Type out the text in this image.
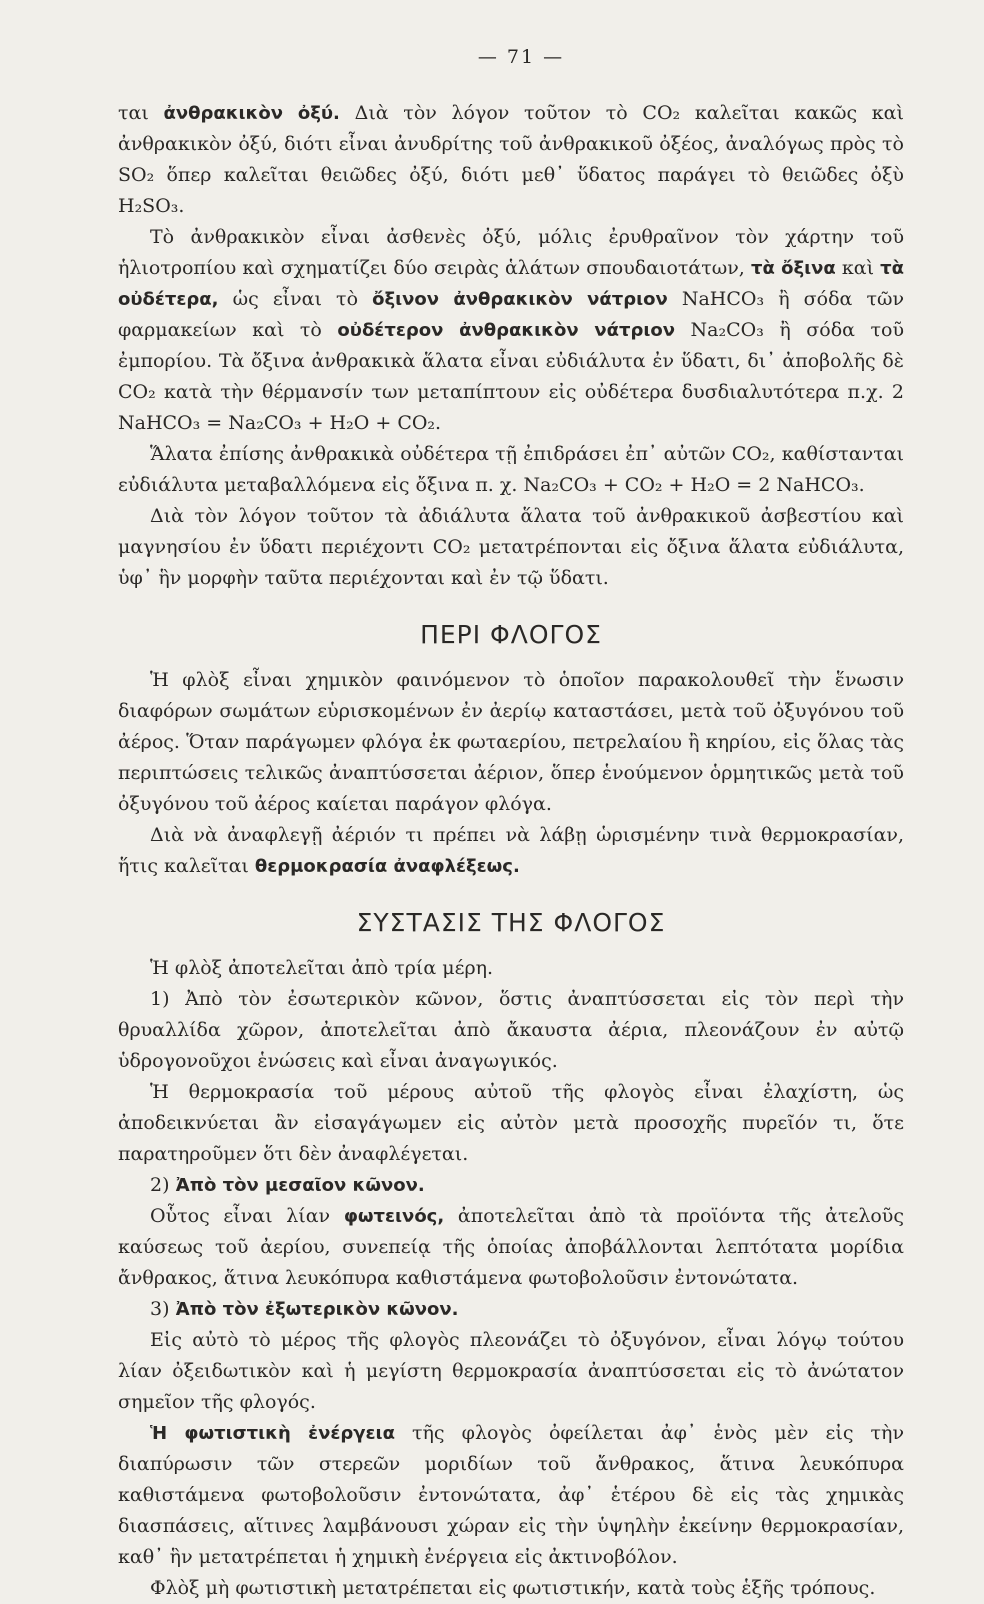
— 71 —

ται ἀνθρακικὸν ὀξύ. Διὰ τὸν λόγον τοῦτον τὸ CO₂ καλεῖται κακῶς καὶ ἀνθρακικὸν ὀξύ, διότι εἶναι ἀνυδρίτης τοῦ ἀνθρακικοῦ ὀξέος, ἀναλόγως πρὸς τὸ SO₂ ὅπερ καλεῖται θειῶδες ὀξύ, διότι μεθ᾽ ὕδατος παράγει τὸ θειῶδες ὀξὺ H₂SO₃.

Τὸ ἀνθρακικὸν εἶναι ἀσθενὲς ὀξύ, μόλις ἐρυθραῖνον τὸν χάρτην τοῦ ἡλιοτροπίου καὶ σχηματίζει δύο σειρὰς ἁλάτων σπουδαιοτάτων, τὰ ὄξινα καὶ τὰ οὐδέτερα, ὡς εἶναι τὸ ὄξινον ἀνθρακικὸν νάτριον NaHCO₃ ἢ σόδα τῶν φαρμακείων καὶ τὸ οὐδέτερον ἀνθρακικὸν νάτριον Na₂CO₃ ἢ σόδα τοῦ ἐμπορίου. Τὰ ὄξινα ἀνθρακικὰ ἅλατα εἶναι εὐδιάλυτα ἐν ὕδατι, δι᾽ ἀποβολῆς δὲ CO₂ κατὰ τὴν θέρμανσίν των μεταπίπτουν εἰς οὐδέτερα δυσδιαλυτότερα π.χ. 2 NaHCO₃ = Na₂CO₃ + H₂O + CO₂.

Ἅλατα ἐπίσης ἀνθρακικὰ οὐδέτερα τῇ ἐπιδράσει ἐπ᾽ αὐτῶν CO₂, καθίστανται εὐδιάλυτα μεταβαλλόμενα εἰς ὄξινα π. χ. Na₂CO₃ + CO₂ + H₂O = 2 NaHCO₃.

Διὰ τὸν λόγον τοῦτον τὰ ἀδιάλυτα ἅλατα τοῦ ἀνθρακικοῦ ἀσβεστίου καὶ μαγνησίου ἐν ὕδατι περιέχοντι CO₂ μετατρέπονται εἰς ὄξινα ἅλατα εὐδιάλυτα, ὑφ᾽ ἣν μορφὴν ταῦτα περιέχονται καὶ ἐν τῷ ὕδατι.

ΠΕΡΙ ΦΛΟΓΟΣ

Ἡ φλὸξ εἶναι χημικὸν φαινόμενον τὸ ὁποῖον παρακολουθεῖ τὴν ἕνωσιν διαφόρων σωμάτων εὑρισκομένων ἐν ἀερίῳ καταστάσει, μετὰ τοῦ ὀξυγόνου τοῦ ἀέρος. Ὅταν παράγωμεν φλόγα ἐκ φωταερίου, πετρελαίου ἢ κηρίου, εἰς ὅλας τὰς περιπτώσεις τελικῶς ἀναπτύσσεται ἀέριον, ὅπερ ἑνούμενον ὁρμητικῶς μετὰ τοῦ ὀξυγόνου τοῦ ἀέρος καίεται παράγον φλόγα.

Διὰ νὰ ἀναφλεγῇ ἀέριόν τι πρέπει νὰ λάβῃ ὡρισμένην τινὰ θερμοκρασίαν, ἥτις καλεῖται θερμοκρασία ἀναφλέξεως.

ΣΥΣΤΑΣΙΣ ΤΗΣ ΦΛΟΓΟΣ

Ἡ φλὸξ ἀποτελεῖται ἀπὸ τρία μέρη.

1) Ἀπὸ τὸν ἐσωτερικὸν κῶνον, ὅστις ἀναπτύσσεται εἰς τὸν περὶ τὴν θρυαλλίδα χῶρον, ἀποτελεῖται ἀπὸ ἄκαυστα ἀέρια, πλεονάζουν ἐν αὐτῷ ὑδρογονοῦχοι ἑνώσεις καὶ εἶναι ἀναγωγικός.

Ἡ θερμοκρασία τοῦ μέρους αὐτοῦ τῆς φλογὸς εἶναι ἐλαχίστη, ὡς ἀποδεικνύεται ἂν εἰσαγάγωμεν εἰς αὐτὸν μετὰ προσοχῆς πυρεῖόν τι, ὅτε παρατηροῦμεν ὅτι δὲν ἀναφλέγεται.

2) Ἀπὸ τὸν μεσαῖον κῶνον.

Οὗτος εἶναι λίαν φωτεινός, ἀποτελεῖται ἀπὸ τὰ προϊόντα τῆς ἀτελοῦς καύσεως τοῦ ἀερίου, συνεπείᾳ τῆς ὁποίας ἀποβάλλονται λεπτότατα μορίδια ἄνθρακος, ἅτινα λευκόπυρα καθιστάμενα φωτοβολοῦσιν ἐντονώτατα.

3) Ἀπὸ τὸν ἐξωτερικὸν κῶνον.

Εἰς αὐτὸ τὸ μέρος τῆς φλογὸς πλεονάζει τὸ ὀξυγόνον, εἶναι λόγῳ τούτου λίαν ὀξειδωτικὸν καὶ ἡ μεγίστη θερμοκρασία ἀναπτύσσεται εἰς τὸ ἀνώτατον σημεῖον τῆς φλογός.

Ἡ φωτιστικὴ ἐνέργεια τῆς φλογὸς ὀφείλεται ἀφ᾽ ἑνὸς μὲν εἰς τὴν διαπύρωσιν τῶν στερεῶν μοριδίων τοῦ ἄνθρακος, ἅτινα λευκόπυρα καθιστάμενα φωτοβολοῦσιν ἐντονώτατα, ἀφ᾽ ἑτέρου δὲ εἰς τὰς χημικὰς διασπάσεις, αἵτινες λαμβάνουσι χώραν εἰς τὴν ὑψηλὴν ἐκείνην θερμοκρασίαν, καθ᾽ ἣν μετατρέπεται ἡ χημικὴ ἐνέργεια εἰς ἀκτινοβόλον.

Φλὸξ μὴ φωτιστικὴ μετατρέπεται εἰς φωτιστικήν, κατὰ τοὺς ἑξῆς τρόπους.
